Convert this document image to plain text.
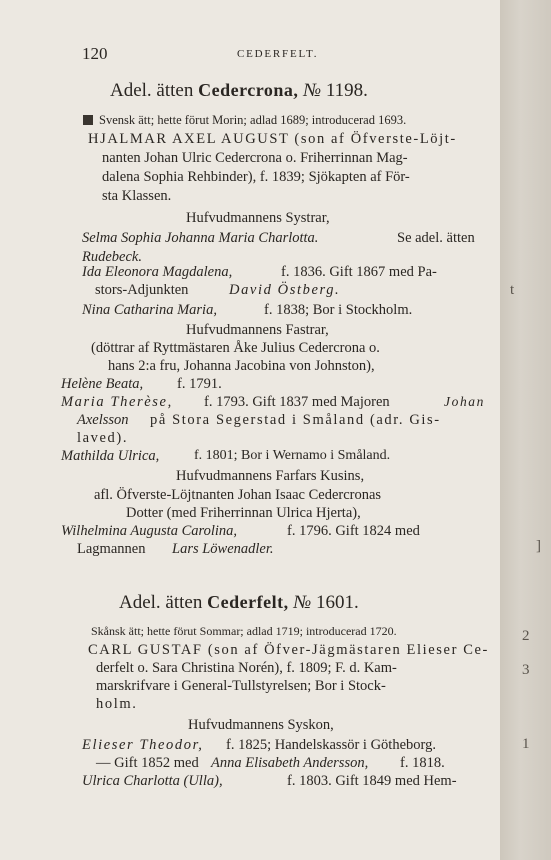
120	CEDERFELT.
Adel. ätten Cedercrona, № 1198.
Svensk ätt; hette förut Morin; adlad 1689; introducerad 1693.
HJALMAR AXEL AUGUST (son af Öfverste-Löjt-
nanten Johan Ulric Cedercrona o. Friherrinnan Mag-
dalena Sophia Rehbinder), f. 1839; Sjökapten af För-
sta Klassen.
Hufvudmannens Systrar,
Selma Sophia Johanna Maria Charlotta.	Se adel. ätten
Rudebeck.
Ida Eleonora Magdalena,	f. 1836. Gift 1867 med Pa-
stors-Adjunkten	David Östberg.
Nina Catharina Maria,	f. 1838; Bor i Stockholm.
Hufvudmannens Fastrar,
(döttrar af Ryttmästaren Åke Julius Cedercrona o.
hans 2:a fru, Johanna Jacobina von Johnston),
Helène Beata, f. 1791.
Maria Therèse, f. 1793. Gift 1837 med Majoren	Johan
Axelsson på Stora Segerstad i Småland (adr. Gis-
laved).
Mathilda Ulrica, f. 1801; Bor i Wernamo i Småland.
Hufvudmannens Farfars Kusins,
afl. Öfverste-Löjtnanten Johan Isaac Cedercronas
Dotter (med Friherrinnan Ulrica Hjerta),
Wilhelmina Augusta Carolina,	f. 1796. Gift 1824 med
Lagmannen Lars Löwenadler.
Adel. ätten Cederfelt, № 1601.
Skånsk ätt; hette förut Sommar; adlad 1719; introducerad 1720.
CARL GUSTAF (son af Öfver-Jägmästaren Elieser Ce-
derfelt o. Sara Christina Norén), f. 1809; F. d. Kam-
marskrifvare i General-Tullstyrelsen; Bor i Stock-
holm.
Hufvudmannens Syskon,
Elieser Theodor, f. 1825; Handelskassör i Götheborg.
— Gift 1852 med Anna Elisabeth Andersson, f. 1818.
Ulrica Charlotta (Ulla),	f. 1803. Gift 1849 med Hem-
t
]
2
3
1
